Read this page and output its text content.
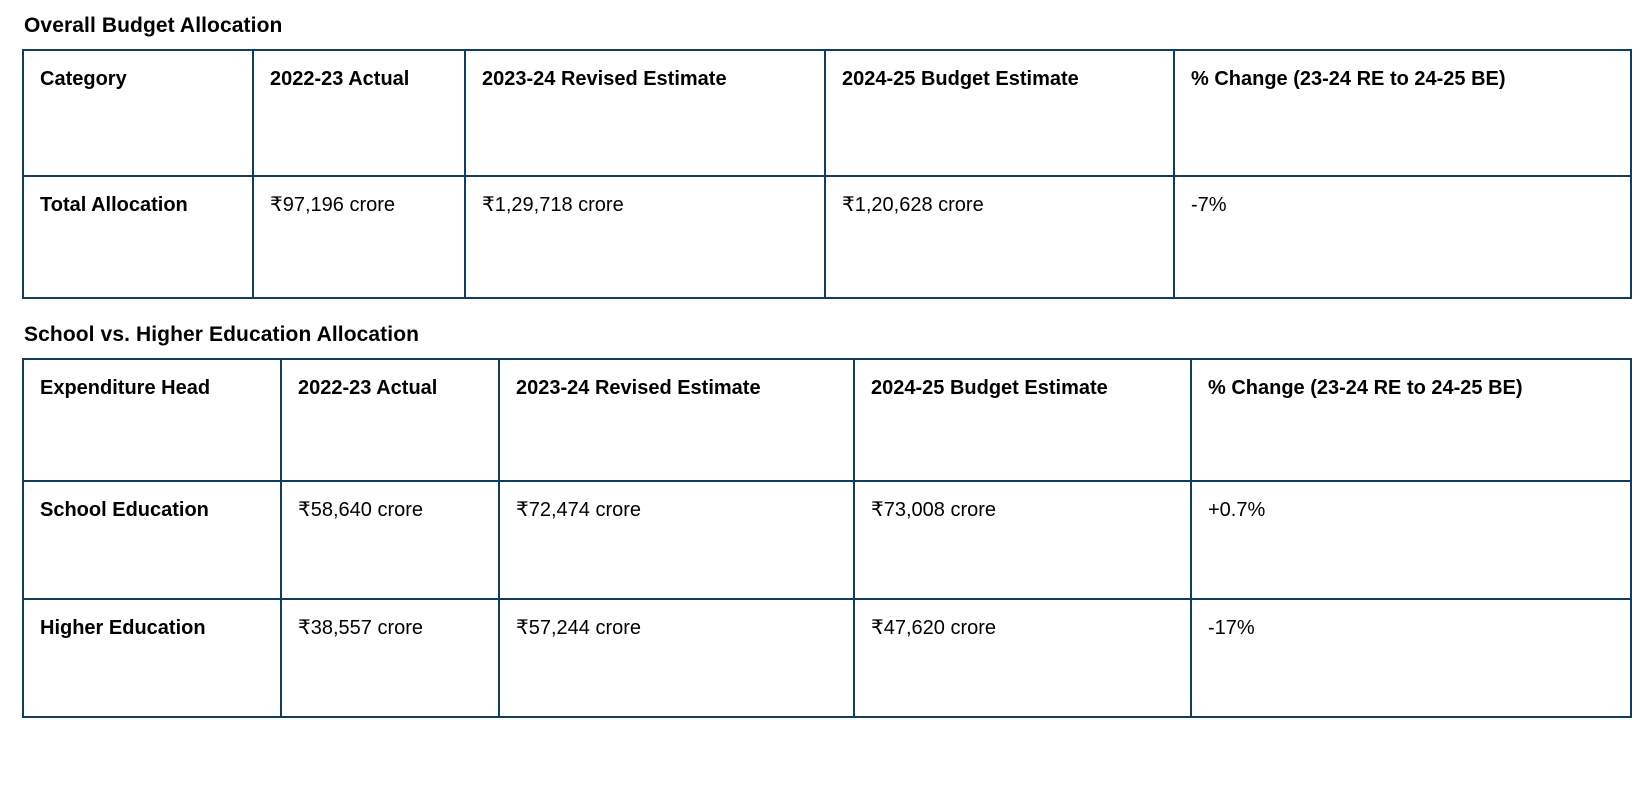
Overall Budget Allocation
Category	2022-23 Actual	2023-24 Revised Estimate	2024-25 Budget Estimate	% Change (23-24 RE to 24-25 BE)
Total Allocation	₹97,196 crore	₹1,29,718 crore	₹1,20,628 crore	-7%
School vs. Higher Education Allocation
Expenditure Head	2022-23 Actual	2023-24 Revised Estimate	2024-25 Budget Estimate	% Change (23-24 RE to 24-25 BE)
School Education	₹58,640 crore	₹72,474 crore	₹73,008 crore	+0.7%
Higher Education	₹38,557 crore	₹57,244 crore	₹47,620 crore	-17%
